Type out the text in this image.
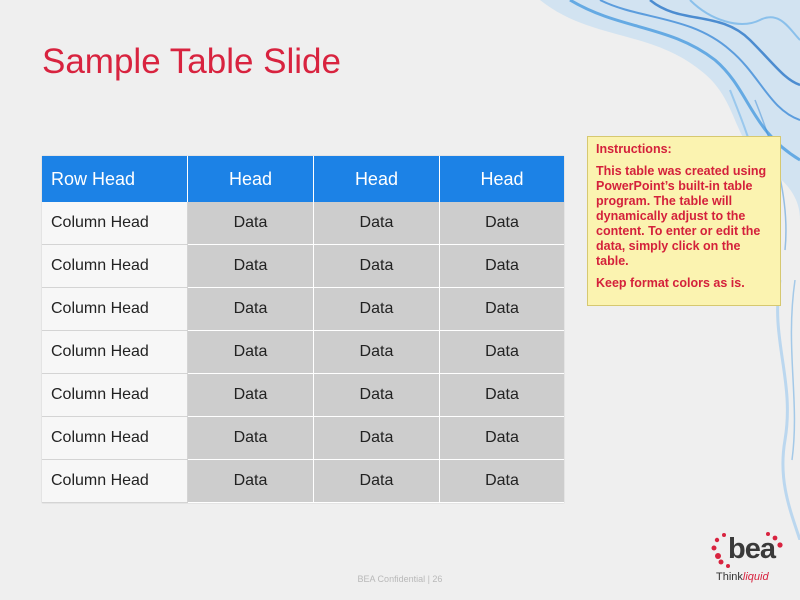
Sample Table Slide
Row Head	Head	Head	Head
Column Head	Data	Data	Data
Column Head	Data	Data	Data
Column Head	Data	Data	Data
Column Head	Data	Data	Data
Column Head	Data	Data	Data
Column Head	Data	Data	Data
Column Head	Data	Data	Data

Instructions:

This table was created using PowerPoint’s built-in table program. The table will dynamically adjust to the content. To enter or edit the data, simply click on the table.

Keep format colors as is.

BEA Confidential | 26
bea
Thinkliquid
